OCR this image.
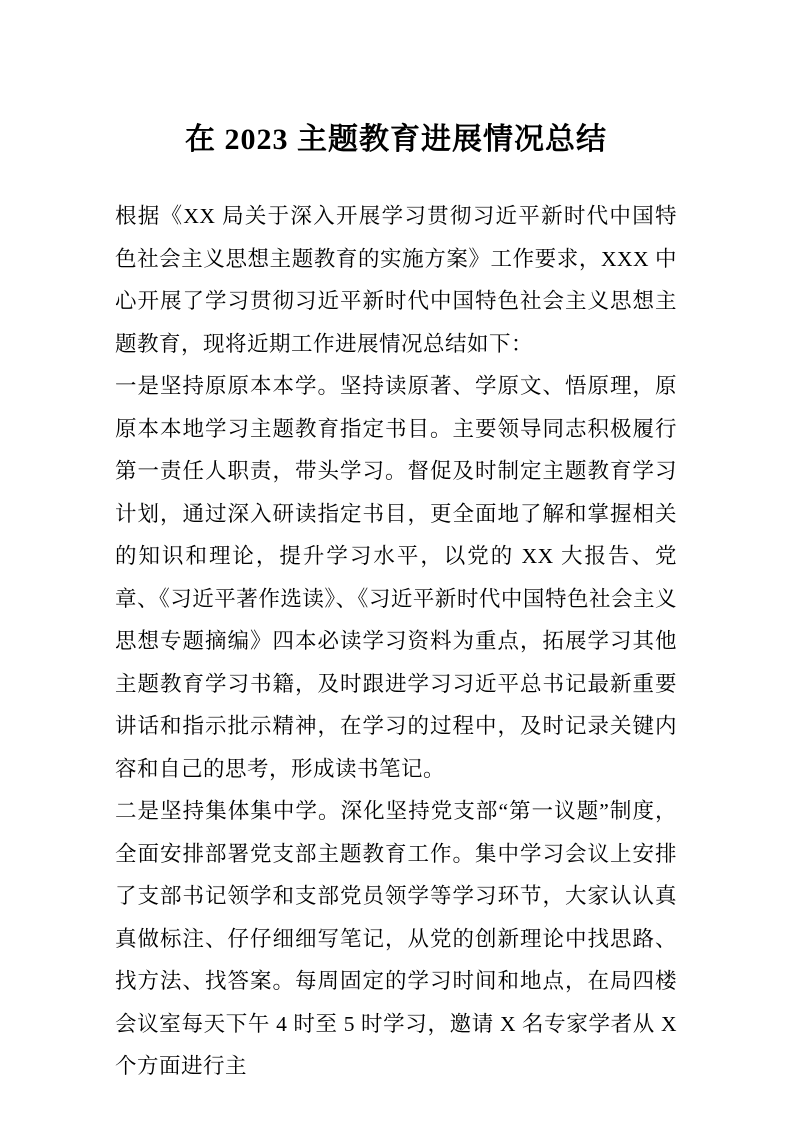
在 2023 主题教育进展情况总结

根据《XX 局关于深入开展学习贯彻习近平新时代中国特色社会主义思想主题教育的实施方案》工作要求，XXX 中心开展了学习贯彻习近平新时代中国特色社会主义思想主题教育，现将近期工作进展情况总结如下：

一是坚持原原本本学。坚持读原著、学原文、悟原理，原原本本地学习主题教育指定书目。主要领导同志积极履行第一责任人职责，带头学习。督促及时制定主题教育学习计划，通过深入研读指定书目，更全面地了解和掌握相关的知识和理论，提升学习水平，以党的 XX 大报告、党章、《习近平著作选读》、《习近平新时代中国特色社会主义思想专题摘编》四本必读学习资料为重点，拓展学习其他主题教育学习书籍，及时跟进学习习近平总书记最新重要讲话和指示批示精神，在学习的过程中，及时记录关键内容和自己的思考，形成读书笔记。

二是坚持集体集中学。深化坚持党支部“第一议题”制度，全面安排部署党支部主题教育工作。集中学习会议上安排了支部书记领学和支部党员领学等学习环节，大家认认真真做标注、仔仔细细写笔记，从党的创新理论中找思路、找方法、找答案。每周固定的学习时间和地点，在局四楼会议室每天下午 4 时至 5 时学习，邀请 X 名专家学者从 X 个方面进行主
